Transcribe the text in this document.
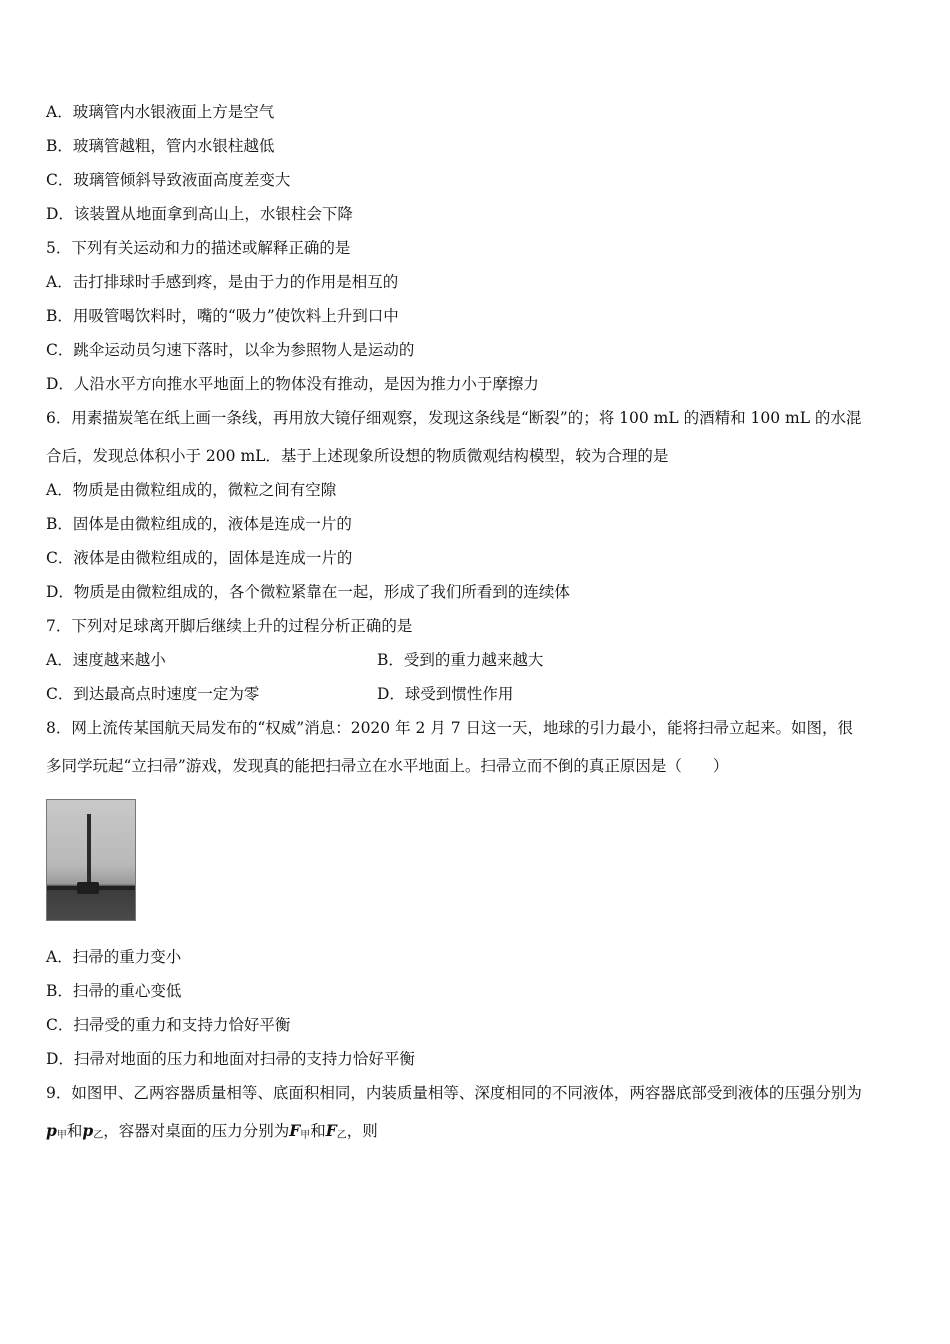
A．玻璃管内水银液面上方是空气
B．玻璃管越粗，管内水银柱越低
C．玻璃管倾斜导致液面高度差变大
D．该装置从地面拿到高山上，水银柱会下降
5．下列有关运动和力的描述或解释正确的是
A．击打排球时手感到疼，是由于力的作用是相互的
B．用吸管喝饮料时，嘴的“吸力”使饮料上升到口中
C．跳伞运动员匀速下落时，以伞为参照物人是运动的
D．人沿水平方向推水平地面上的物体没有推动，是因为推力小于摩擦力
6．用素描炭笔在纸上画一条线，再用放大镜仔细观察，发现这条线是“断裂”的；将 100 mL 的酒精和 100 mL 的水混
合后，发现总体积小于 200 mL．基于上述现象所设想的物质微观结构模型，较为合理的是
A．物质是由微粒组成的，微粒之间有空隙
B．固体是由微粒组成的，液体是连成一片的
C．液体是由微粒组成的，固体是连成一片的
D．物质是由微粒组成的，各个微粒紧靠在一起，形成了我们所看到的连续体
7．下列对足球离开脚后继续上升的过程分析正确的是
A．速度越来越小	B．受到的重力越来越大
C．到达最高点时速度一定为零	D．球受到惯性作用
8．网上流传某国航天局发布的“权威”消息：2020 年 2 月 7 日这一天，地球的引力最小，能将扫帚立起来。如图，很
多同学玩起“立扫帚”游戏，发现真的能把扫帚立在水平地面上。扫帚立而不倒的真正原因是（　　）
A．扫帚的重力变小
B．扫帚的重心变低
C．扫帚受的重力和支持力恰好平衡
D．扫帚对地面的压力和地面对扫帚的支持力恰好平衡
9．如图甲、乙两容器质量相等、底面积相同，内装质量相等、深度相同的不同液体，两容器底部受到液体的压强分别为
$p_甲$和$p_乙$，容器对桌面的压力分别为$F_甲$和$F_乙$，则
